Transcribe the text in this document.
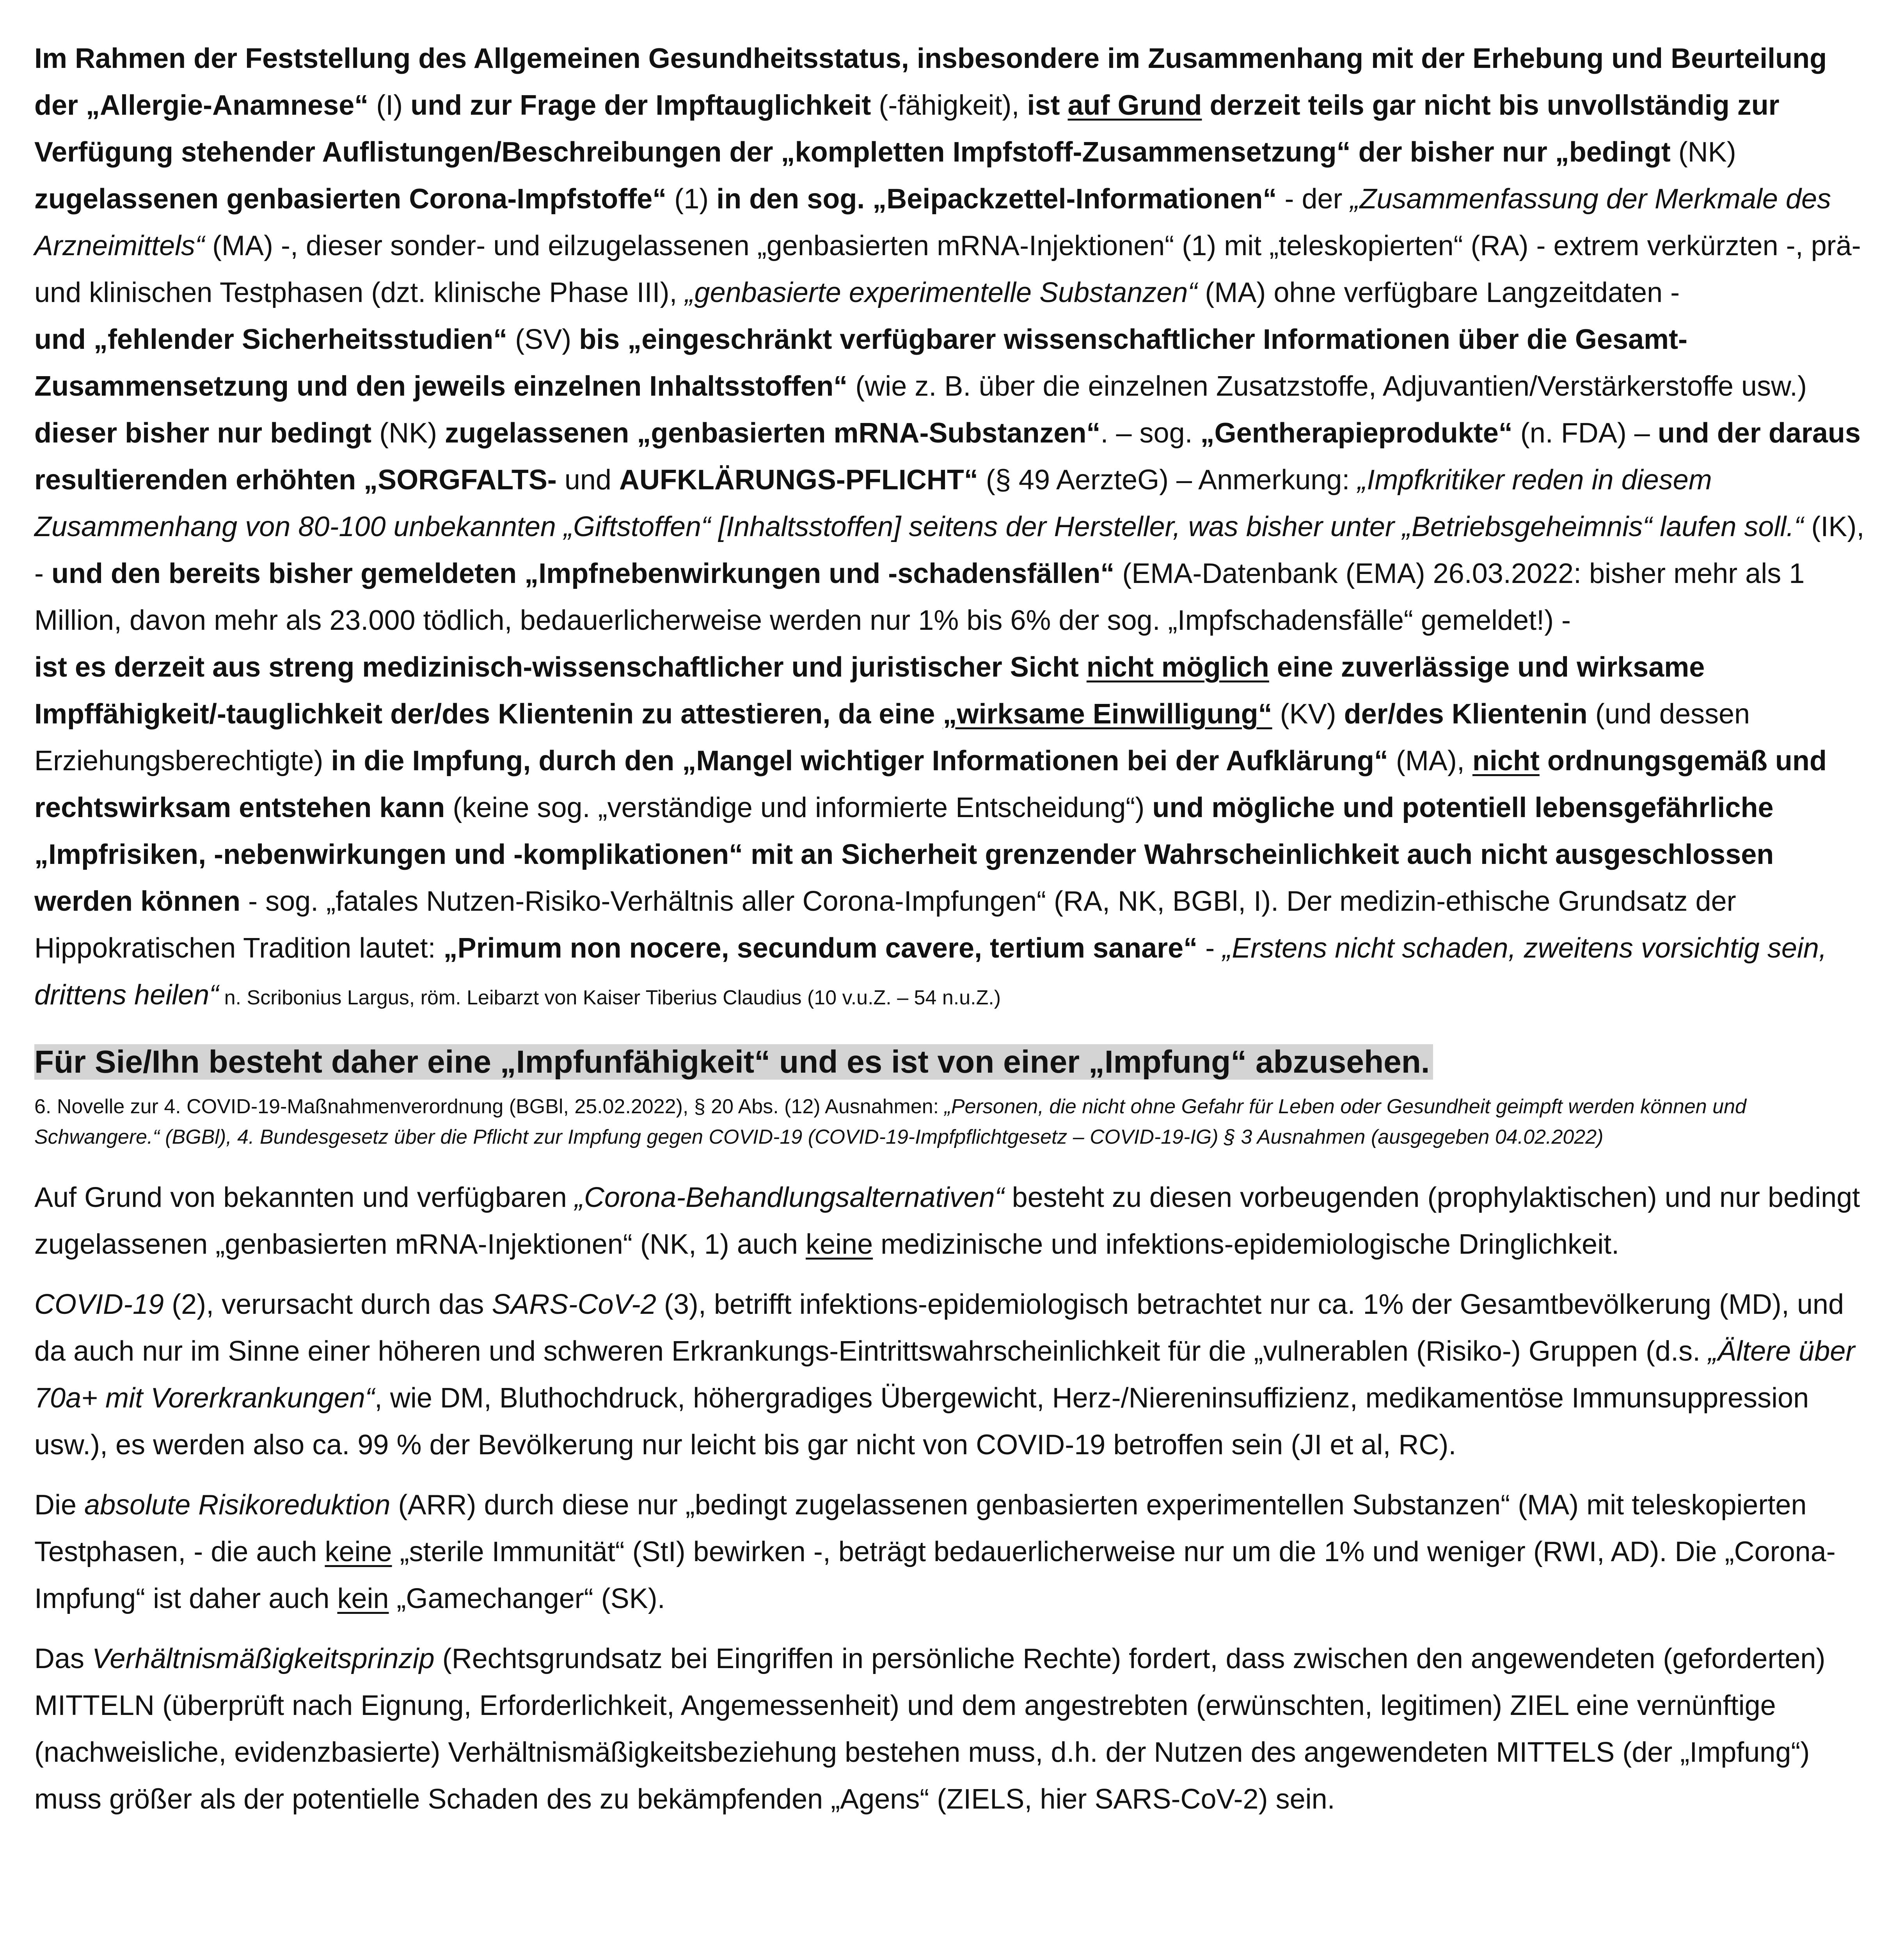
Im Rahmen der Feststellung des Allgemeinen Gesundheitsstatus, insbesondere im Zusammenhang mit der Erhebung und Beurteilung der „Allergie-Anamnese“ (I) und zur Frage der Impftauglichkeit (-fähigkeit), ist auf Grund derzeit teils gar nicht bis unvollständig zur Verfügung stehender Auflistungen/Beschreibungen der „kompletten Impfstoff-Zusammensetzung“ der bisher nur „bedingt (NK) zugelassenen genbasierten Corona-Impfstoffe“ (1) in den sog. „Beipackzettel-Informationen“ - der „Zusammenfassung der Merkmale des Arzneimittels“ (MA) -, dieser sonder- und eilzugelassenen „genbasierten mRNA-Injektionen“ (1) mit „teleskopierten“ (RA) - extrem verkürzten -, prä- und klinischen Testphasen (dzt. klinische Phase III), „genbasierte experimentelle Substanzen“ (MA) ohne verfügbare Langzeitdaten -

und „fehlender Sicherheitsstudien“ (SV) bis „eingeschränkt verfügbarer wissenschaftlicher Informationen über die Gesamt-Zusammensetzung und den jeweils einzelnen Inhaltsstoffen“ (wie z. B. über die einzelnen Zusatzstoffe, Adjuvantien/Verstärkerstoffe usw.) dieser bisher nur bedingt (NK) zugelassenen „genbasierten mRNA-Substanzen“. – sog. „Gentherapieprodukte“ (n. FDA) – und der daraus resultierenden erhöhten „SORGFALTS- und AUFKLÄRUNGS-PFLICHT“ (§ 49 AerzteG) – Anmerkung: „Impfkritiker reden in diesem Zusammenhang von 80-100 unbekannten „Giftstoffen“ [Inhaltsstoffen] seitens der Hersteller, was bisher unter „Betriebsgeheimnis“ laufen soll.“ (IK), - und den bereits bisher gemeldeten „Impfnebenwirkungen und -schadensfällen“ (EMA-Datenbank (EMA) 26.03.2022: bisher mehr als 1 Million, davon mehr als 23.000 tödlich, bedauerlicherweise werden nur 1% bis 6% der sog. „Impfschadensfälle“ gemeldet!) -

ist es derzeit aus streng medizinisch-wissenschaftlicher und juristischer Sicht nicht möglich eine zuverlässige und wirksame Impffähigkeit/-tauglichkeit der/des Klientenin zu attestieren, da eine „wirksame Einwilligung“ (KV) der/des Klientenin (und dessen Erziehungsberechtigte) in die Impfung, durch den „Mangel wichtiger Informationen bei der Aufklärung“ (MA), nicht ordnungsgemäß und rechtswirksam entstehen kann (keine sog. „verständige und informierte Entscheidung“) und mögliche und potentiell lebensgefährliche „Impfrisiken, -nebenwirkungen und -komplikationen“ mit an Sicherheit grenzender Wahrscheinlichkeit auch nicht ausgeschlossen werden können - sog. „fatales Nutzen-Risiko-Verhältnis aller Corona-Impfungen“ (RA, NK, BGBl, I). Der medizin-ethische Grundsatz der Hippokratischen Tradition lautet: „Primum non nocere, secundum cavere, tertium sanare“ - „Erstens nicht schaden, zweitens vorsichtig sein, drittens heilen“ n. Scribonius Largus, röm. Leibarzt von Kaiser Tiberius Claudius (10 v.u.Z. – 54 n.u.Z.)

Für Sie/Ihn besteht daher eine „Impfunfähigkeit“ und es ist von einer „Impfung“ abzusehen.

6. Novelle zur 4. COVID-19-Maßnahmenverordnung (BGBl, 25.02.2022), § 20 Abs. (12) Ausnahmen: „Personen, die nicht ohne Gefahr für Leben oder Gesundheit geimpft werden können und Schwangere.“ (BGBl), 4. Bundesgesetz über die Pflicht zur Impfung gegen COVID-19 (COVID-19-Impfpflichtgesetz – COVID-19-IG) § 3 Ausnahmen (ausgegeben 04.02.2022)

Auf Grund von bekannten und verfügbaren „Corona-Behandlungsalternativen“ besteht zu diesen vorbeugenden (prophylaktischen) und nur bedingt zugelassenen „genbasierten mRNA-Injektionen“ (NK, 1) auch keine medizinische und infektions-epidemiologische Dringlichkeit.

COVID-19 (2), verursacht durch das SARS-CoV-2 (3), betrifft infektions-epidemiologisch betrachtet nur ca. 1% der Gesamtbevölkerung (MD), und da auch nur im Sinne einer höheren und schweren Erkrankungs-Eintrittswahrscheinlichkeit für die „vulnerablen (Risiko-) Gruppen (d.s. „Ältere über 70a+ mit Vorerkrankungen“, wie DM, Bluthochdruck, höhergradiges Übergewicht, Herz-/Niereninsuffizienz, medikamentöse Immunsuppression usw.), es werden also ca. 99 % der Bevölkerung nur leicht bis gar nicht von COVID-19 betroffen sein (JI et al, RC).

Die absolute Risikoreduktion (ARR) durch diese nur „bedingt zugelassenen genbasierten experimentellen Substanzen“ (MA) mit teleskopierten Testphasen, - die auch keine „sterile Immunität“ (StI) bewirken -, beträgt bedauerlicherweise nur um die 1% und weniger (RWI, AD). Die „Corona-Impfung“ ist daher auch kein „Gamechanger“ (SK).

Das Verhältnismäßigkeitsprinzip (Rechtsgrundsatz bei Eingriffen in persönliche Rechte) fordert, dass zwischen den angewendeten (geforderten) MITTELN (überprüft nach Eignung, Erforderlichkeit, Angemessenheit) und dem angestrebten (erwünschten, legitimen) ZIEL eine vernünftige (nachweisliche, evidenzbasierte) Verhältnismäßigkeitsbeziehung bestehen muss, d.h. der Nutzen des angewendeten MITTELS (der „Impfung“) muss größer als der potentielle Schaden des zu bekämpfenden „Agens“ (ZIELS, hier SARS-CoV-2) sein.
